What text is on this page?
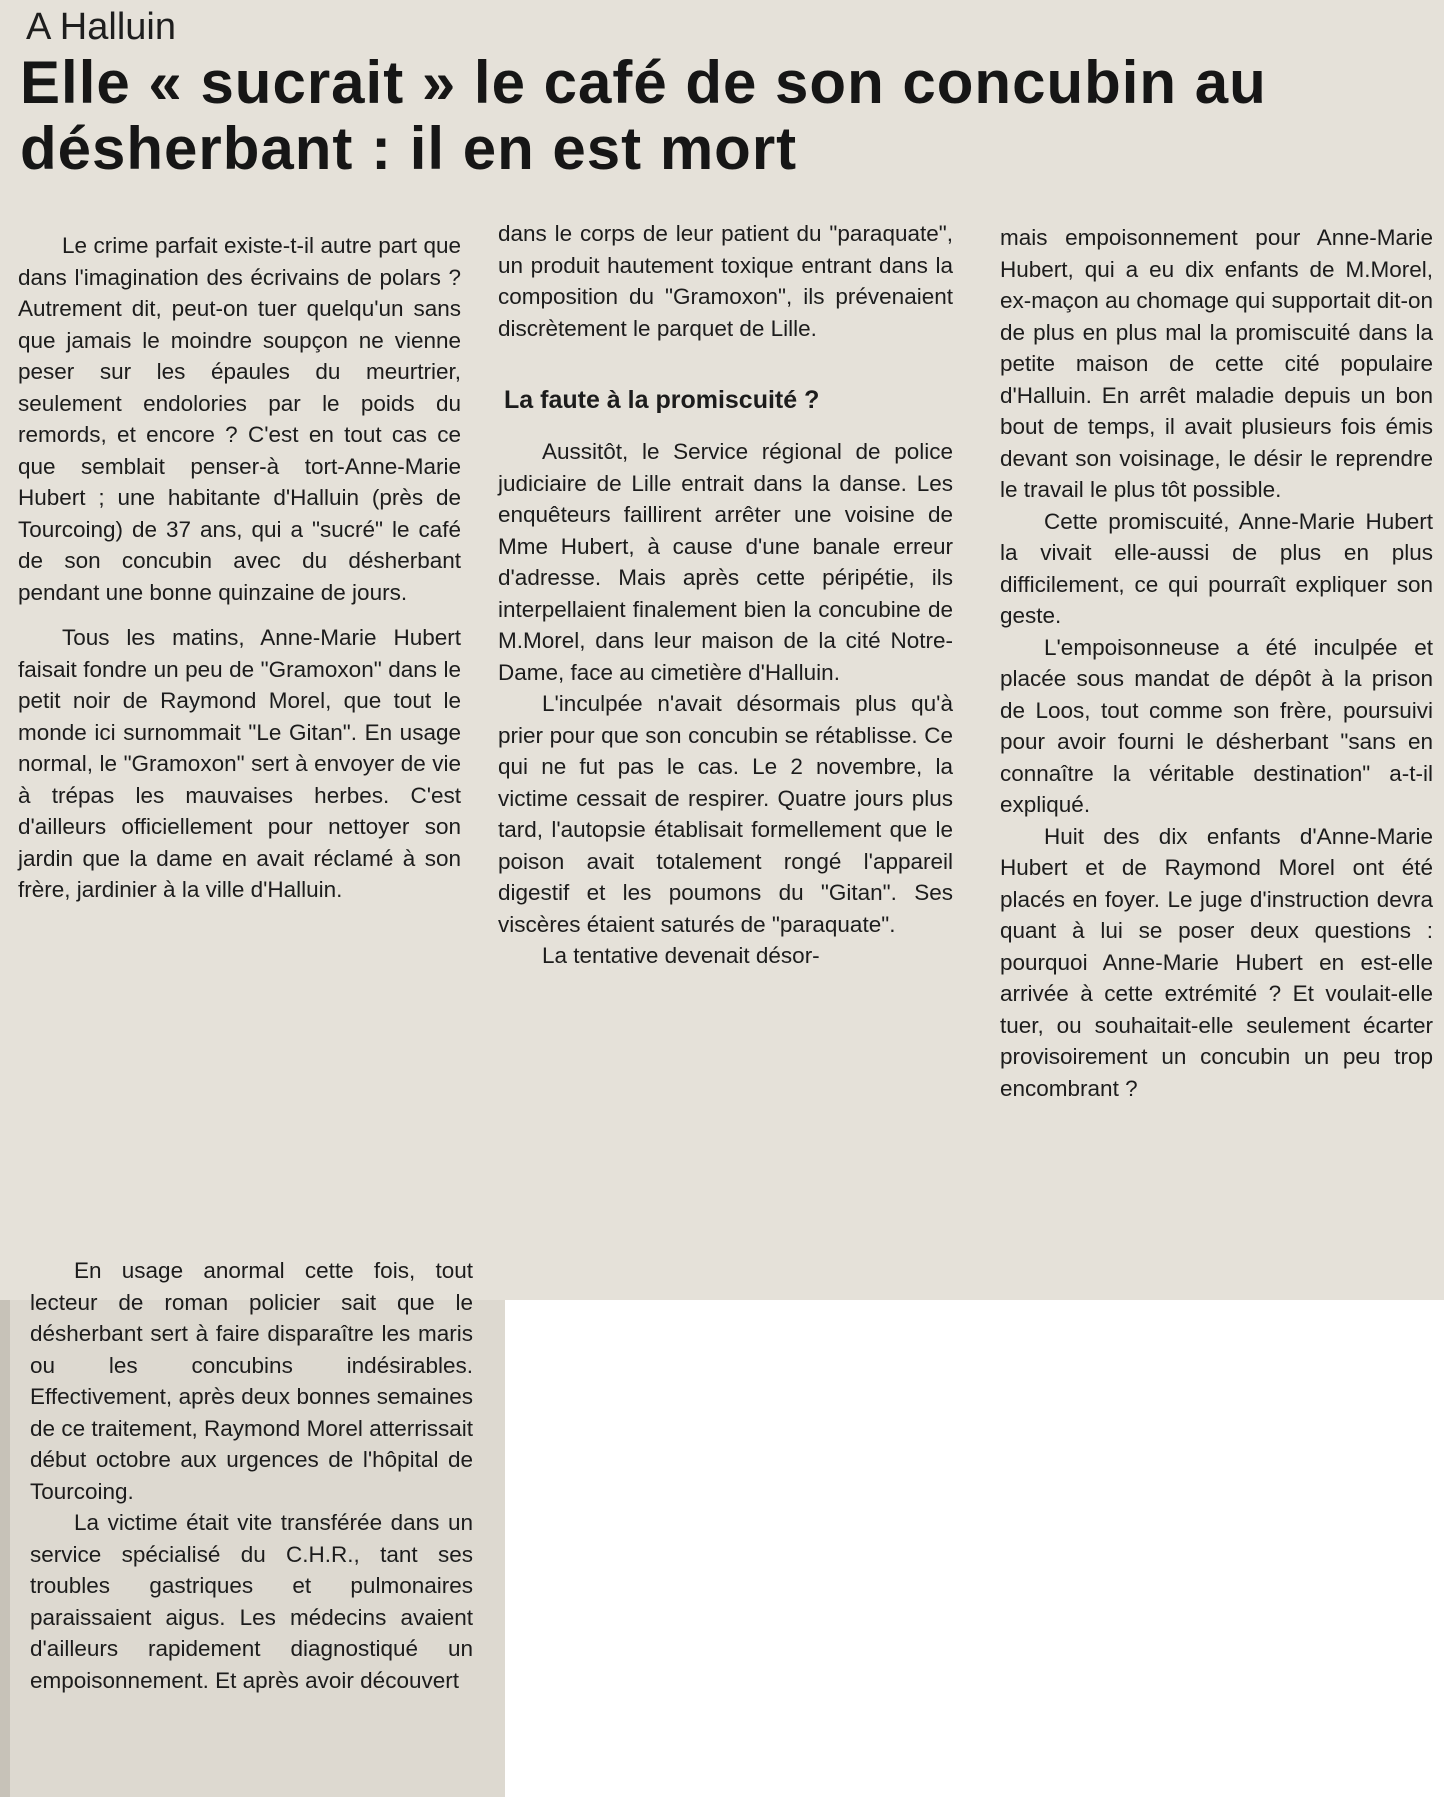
A Halluin
Elle « sucrait » le café de son concubin au désherbant : il en est mort

Le crime parfait existe-t-il autre part que dans l'imagination des écrivains de polars ? Autrement dit, peut-on tuer quelqu'un sans que jamais le moindre soupçon ne vienne peser sur les épaules du meurtrier, seulement endolories par le poids du remords, et encore ? C'est en tout cas ce que semblait penser-à tort-Anne-Marie Hubert ; une habitante d'Halluin (près de Tourcoing) de 37 ans, qui a "sucré" le café de son concubin avec du désherbant pendant une bonne quinzaine de jours.

Tous les matins, Anne-Marie Hubert faisait fondre un peu de "Gramoxon" dans le petit noir de Raymond Morel, que tout le monde ici surnommait "Le Gitan". En usage normal, le "Gramoxon" sert à envoyer de vie à trépas les mauvaises herbes. C'est d'ailleurs officiellement pour nettoyer son jardin que la dame en avait réclamé à son frère, jardinier à la ville d'Halluin.

dans le corps de leur patient du "paraquate", un produit hautement toxique entrant dans la composition du "Gramoxon", ils prévenaient discrètement le parquet de Lille.

La faute à la promiscuité ?

Aussitôt, le Service régional de police judiciaire de Lille entrait dans la danse. Les enquêteurs faillirent arrêter une voisine de Mme Hubert, à cause d'une banale erreur d'adresse. Mais après cette péripétie, ils interpellaient finalement bien la concubine de M.Morel, dans leur maison de la cité Notre-Dame, face au cimetière d'Halluin.

L'inculpée n'avait désormais plus qu'à prier pour que son concubin se rétablisse. Ce qui ne fut pas le cas. Le 2 novembre, la victime cessait de respirer. Quatre jours plus tard, l'autopsie établisait formellement que le poison avait totalement rongé l'appareil digestif et les poumons du "Gitan". Ses viscères étaient saturés de "paraquate".

La tentative devenait désor-

mais empoisonnement pour Anne-Marie Hubert, qui a eu dix enfants de M.Morel, ex-maçon au chomage qui supportait dit-on de plus en plus mal la promiscuité dans la petite maison de cette cité populaire d'Halluin. En arrêt maladie depuis un bon bout de temps, il avait plusieurs fois émis devant son voisinage, le désir le reprendre le travail le plus tôt possible.

Cette promiscuité, Anne-Marie Hubert la vivait elle-aussi de plus en plus difficilement, ce qui pourraît expliquer son geste.

L'empoisonneuse a été inculpée et placée sous mandat de dépôt à la prison de Loos, tout comme son frère, poursuivi pour avoir fourni le désherbant "sans en connaître la véritable destination" a-t-il expliqué.

Huit des dix enfants d'Anne-Marie Hubert et de Raymond Morel ont été placés en foyer. Le juge d'instruction devra quant à lui se poser deux questions : pourquoi Anne-Marie Hubert en est-elle arrivée à cette extrémité ? Et voulait-elle tuer, ou souhaitait-elle seulement écarter provisoirement un concubin un peu trop encombrant ?

En usage anormal cette fois, tout lecteur de roman policier sait que le désherbant sert à faire disparaître les maris ou les concubins indésirables. Effectivement, après deux bonnes semaines de ce traitement, Raymond Morel atterrissait début octobre aux urgences de l'hôpital de Tourcoing.

La victime était vite transférée dans un service spécialisé du C.H.R., tant ses troubles gastriques et pulmonaires paraissaient aigus. Les médecins avaient d'ailleurs rapidement diagnostiqué un empoisonnement. Et après avoir découvert
